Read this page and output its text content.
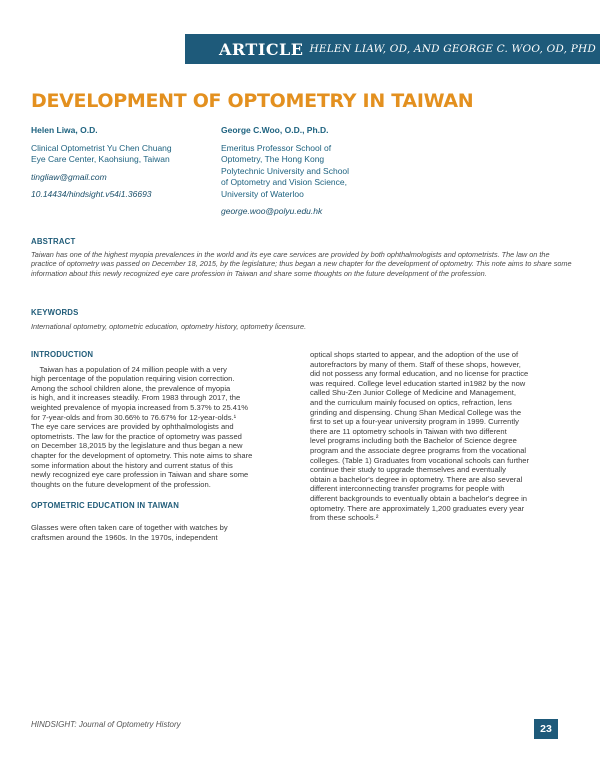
ARTICLE HELEN LIAW, OD, AND GEORGE C. WOO, OD, PHD
DEVELOPMENT OF OPTOMETRY IN TAIWAN
Helen Liwa, O.D.
Clinical Optometrist Yu Chen Chuang
Eye Care Center, Kaohsiung, Taiwan
tingliaw@gmail.com
10.14434/hindsight.v54i1.36693
George C.Woo, O.D., Ph.D.
Emeritus Professor School of
Optometry, The Hong Kong
Polytechnic University and School
of Optometry and Vision Science,
University of Waterloo
george.woo@polyu.edu.hk
ABSTRACT

Taiwan has one of the highest myopia prevalences in the world and its eye care services are provided by both ophthalmologists and optometrists. The law on the practice of optometry was passed on December 18, 2015, by the legislature; thus began a new chapter for the development of optometry. This note aims to share some information about this newly recognized eye care profession in Taiwan and share some thoughts on the future development of the profession.

KEYWORDS

International optometry, optometric education, optometry history, optometry licensure.

INTRODUCTION
Taiwan has a population of 24 million people with a very
high percentage of the population requiring vision correction.
Among the school children alone, the prevalence of myopia
is high, and it increases steadily. From 1983 through 2017, the
weighted prevalence of myopia increased from 5.37% to 25.41%
for 7-year-olds and from 30.66% to 76.67% for 12-year-olds.¹
The eye care services are provided by ophthalmologists and
optometrists. The law for the practice of optometry was passed
on December 18,2015 by the legislature and thus began a new
chapter for the development of optometry. This note aims to share
some information about the history and current status of this
newly recognized eye care profession in Taiwan and share some
thoughts on the future development of the profession.
OPTOMETRIC EDUCATION IN TAIWAN
Glasses were often taken care of together with watches by
craftsmen around the 1960s. In the 1970s, independent
optical shops started to appear, and the adoption of the use of
autorefractors by many of them. Staff of these shops, however,
did not possess any formal education, and no license for practice
was required. College level education started in1982 by the now
called Shu-Zen Junior College of Medicine and Management,
and the curriculum mainly focused on optics, refraction, lens
grinding and dispensing. Chung Shan Medical College was the
first to set up a four-year university program in 1999. Currently
there are 11 optometry schools in Taiwan with two different
level programs including both the Bachelor of Science degree
program and the associate degree programs from the vocational
colleges. (Table 1) Graduates from vocational schools can further
continue their study to upgrade themselves and eventually
obtain a bachelor's degree in optometry. There are also several
different interconnecting transfer programs for people with
different backgrounds to eventually obtain a bachelor's degree in
optometry. There are approximately 1,200 graduates every year
from these schools.²
HINDSIGHT: Journal of Optometry History	23
